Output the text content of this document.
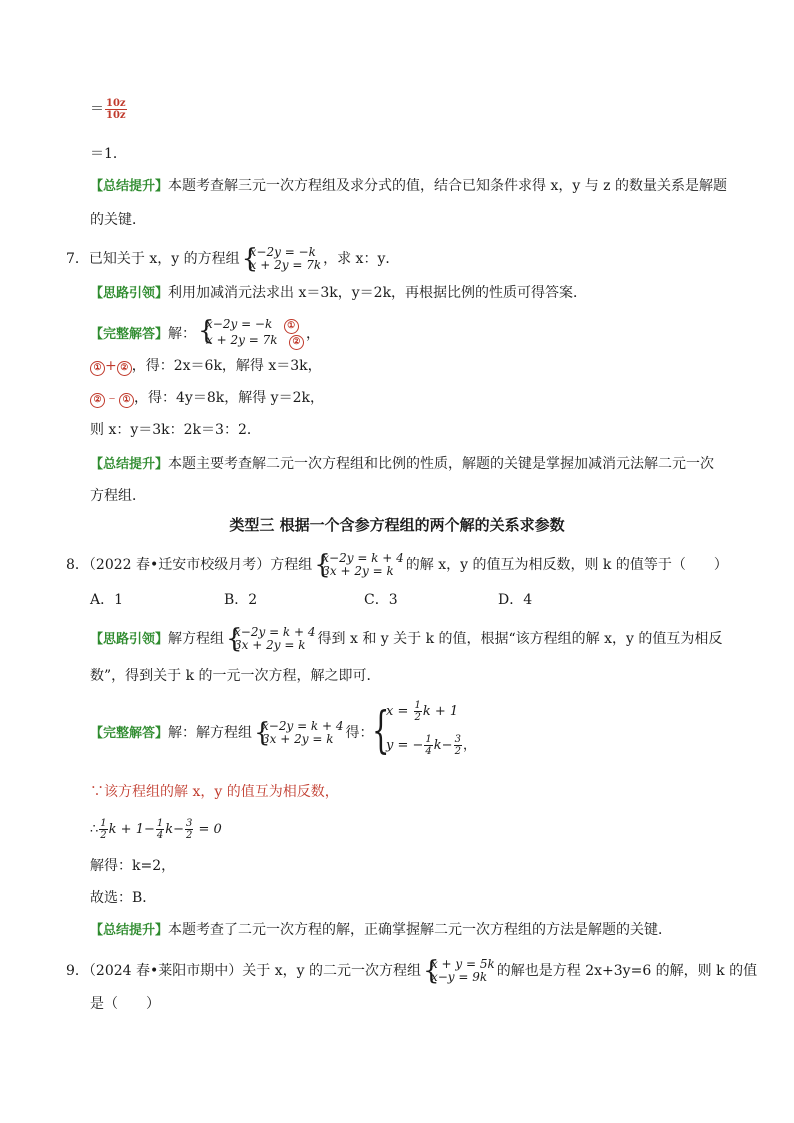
＝ $\frac{10z}{10z}$
＝1．
【总结提升】本题考查解三元一次方程组及求分式的值，结合已知条件求得 x，y 与 z 的数量关系是解题
的关键．
7．已知关于 x，y 的方程组 {
x−2y = −k
x + 2y = 7k ，求 x：y．
【思路引领】利用加减消元法求出 x＝3k，y＝2k，再根据比例的性质可得答案．
【完整解答】解： {
x−2y = −k ①
x + 2y = 7k ② ，
① + ② ，得：2x＝6k，解得 x＝3k，
② ﹣ ① ，得：4y＝8k，解得 y＝2k，
则 x：y＝3k：2k＝3：2．
【总结提升】本题主要考查解二元一次方程组和比例的性质，解题的关键是掌握加减消元法解二元一次
方程组．
类型三 根据一个含参方程组的两个解的关系求参数
8．（2022 春•迁安市校级月考）方程组 {
x−2y = k + 4
3x + 2y = k 的解 x，y 的值互为相反数，则 k 的值等于（　　）
A．1	B．2	C．3	D．4
【思路引领】解方程组 {
x−2y = k + 4
3x + 2y = k 得到 x 和 y 关于 k 的值，根据“该方程组的解 x，y 的值互为相反
数”，得到关于 k 的一元一次方程，解之即可．
【完整解答】解：解方程组 {
x−2y = k + 4
3x + 2y = k 得：
{
$x = \frac{1}{2}$ k + 1
y = − $\frac{1}{4} k- \frac{3}{2}$ ，
∵该方程组的解 x，y 的值互为相反数，
∴ $\frac{1}{2}$ $k + 1- \frac{1}{4} k- \frac{3}{2} = 0$
解得：k=2，
故选：B．
【总结提升】本题考查了二元一次方程的解，正确掌握解二元一次方程组的方法是解题的关键．
9．（2024 春•莱阳市期中）关于 x，y 的二元一次方程组 {
x + y = 5k
x−y = 9k 的解也是方程 2x+3y=6 的解，则 k 的值
是（　　）
